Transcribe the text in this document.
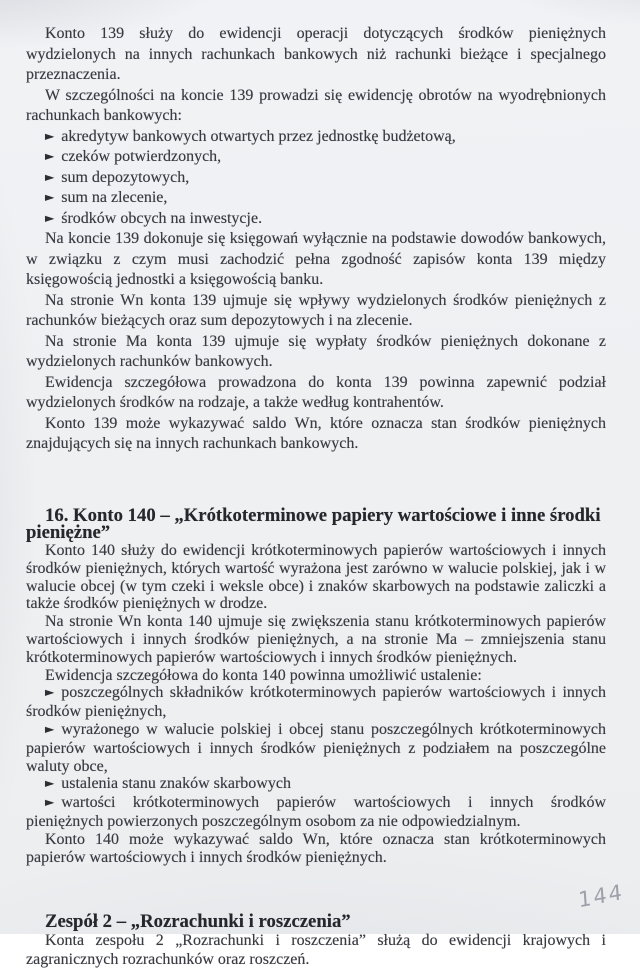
Konto 139 służy do ewidencji operacji dotyczących środków pieniężnych wydzielonych na innych rachunkach bankowych niż rachunki bieżące i specjalnego przeznaczenia.

W szczególności na koncie 139 prowadzi się ewidencję obrotów na wyodrębnionych rachunkach bankowych:

► akredytyw bankowych otwartych przez jednostkę budżetową,

► czeków potwierdzonych,

► sum depozytowych,

► sum na zlecenie,

► środków obcych na inwestycje.

Na koncie 139 dokonuje się księgowań wyłącznie na podstawie dowodów bankowych, w związku z czym musi zachodzić pełna zgodność zapisów konta 139 między księgowością jednostki a księgowością banku.

Na stronie Wn konta 139 ujmuje się wpływy wydzielonych środków pieniężnych z rachunków bieżących oraz sum depozytowych i na zlecenie.

Na stronie Ma konta 139 ujmuje się wypłaty środków pieniężnych dokonane z wydzielonych rachunków bankowych.

Ewidencja szczegółowa prowadzona do konta 139 powinna zapewnić podział wydzielonych środków na rodzaje, a także według kontrahentów.

Konto 139 może wykazywać saldo Wn, które oznacza stan środków pieniężnych znajdujących się na innych rachunkach bankowych.

16. Konto 140 – „Krótkoterminowe papiery wartościowe i inne środki pieniężne”

Konto 140 służy do ewidencji krótkoterminowych papierów wartościowych i innych środków pieniężnych, których wartość wyrażona jest zarówno w walucie polskiej, jak i w walucie obcej (w tym czeki i weksle obce) i znaków skarbowych na podstawie zaliczki a także środków pieniężnych w drodze.

Na stronie Wn konta 140 ujmuje się zwiększenia stanu krótkoterminowych papierów wartościowych i innych środków pieniężnych, a na stronie Ma – zmniejszenia stanu krótkoterminowych papierów wartościowych i innych środków pieniężnych.

Ewidencja szczegółowa do konta 140 powinna umożliwić ustalenie:

► poszczególnych składników krótkoterminowych papierów wartościowych i innych środków pieniężnych,

► wyrażonego w walucie polskiej i obcej stanu poszczególnych krótkoterminowych papierów wartościowych i innych środków pieniężnych z podziałem na poszczególne waluty obce,

► ustalenia stanu znaków skarbowych

► wartości krótkoterminowych papierów wartościowych i innych środków pieniężnych powierzonych poszczególnym osobom za nie odpowiedzialnym.

Konto 140 może wykazywać saldo Wn, które oznacza stan krótkoterminowych papierów wartościowych i innych środków pieniężnych.

Zespół 2 – „Rozrachunki i roszczenia”

Konta zespołu 2 „Rozrachunki i roszczenia” służą do ewidencji krajowych i zagranicznych rozrachunków oraz roszczeń.

144
